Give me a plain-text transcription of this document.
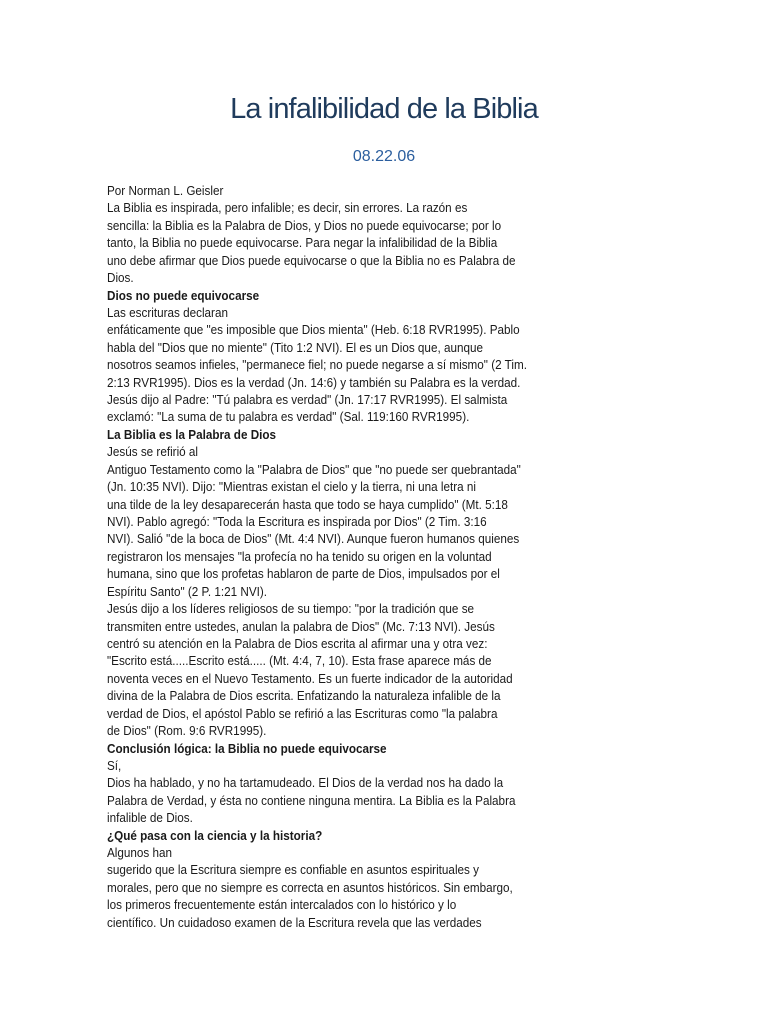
La infalibilidad de la Biblia
08.22.06
Por Norman L. Geisler
La Biblia es inspirada, pero infalible; es decir, sin errores. La razón es
sencilla: la Biblia es la Palabra de Dios, y Dios no puede equivocarse; por lo
tanto, la Biblia no puede equivocarse. Para negar la infalibilidad de la Biblia
uno debe afirmar que Dios puede equivocarse o que la Biblia no es Palabra de
Dios.
Dios no puede equivocarse
Las escrituras declaran
enfáticamente que "es imposible que Dios mienta" (Heb. 6:18 RVR1995). Pablo
habla del "Dios que no miente" (Tito 1:2 NVI). El es un Dios que, aunque
nosotros seamos infieles, "permanece fiel; no puede negarse a sí mismo" (2 Tim.
2:13 RVR1995). Dios es la verdad (Jn. 14:6) y también su Palabra es la verdad.
Jesús dijo al Padre: "Tú palabra es verdad" (Jn. 17:17 RVR1995). El salmista
exclamó: "La suma de tu palabra es verdad" (Sal. 119:160 RVR1995).
La Biblia es la Palabra de Dios
Jesús se refirió al
Antiguo Testamento como la "Palabra de Dios" que "no puede ser quebrantada"
(Jn. 10:35 NVI). Dijo: "Mientras existan el cielo y la tierra, ni una letra ni
una tilde de la ley desaparecerán hasta que todo se haya cumplido" (Mt. 5:18
NVI). Pablo agregó: "Toda la Escritura es inspirada por Dios" (2 Tim. 3:16
NVI). Salió "de la boca de Dios" (Mt. 4:4 NVI). Aunque fueron humanos quienes
registraron los mensajes "la profecía no ha tenido su origen en la voluntad
humana, sino que los profetas hablaron de parte de Dios, impulsados por el
Espíritu Santo" (2 P. 1:21 NVI).
Jesús dijo a los líderes religiosos de su tiempo: "por la tradición que se
transmiten entre ustedes, anulan la palabra de Dios" (Mc. 7:13 NVI). Jesús
centró su atención en la Palabra de Dios escrita al afirmar una y otra vez:
"Escrito está.....Escrito está..... (Mt. 4:4, 7, 10). Esta frase aparece más de
noventa veces en el Nuevo Testamento. Es un fuerte indicador de la autoridad
divina de la Palabra de Dios escrita. Enfatizando la naturaleza infalible de la
verdad de Dios, el apóstol Pablo se refirió a las Escrituras como "la palabra
de Dios" (Rom. 9:6 RVR1995).
Conclusión lógica: la Biblia no puede equivocarse
Sí,
Dios ha hablado, y no ha tartamudeado. El Dios de la verdad nos ha dado la
Palabra de Verdad, y ésta no contiene ninguna mentira. La Biblia es la Palabra
infalible de Dios.
¿Qué pasa con la ciencia y la historia?
Algunos han
sugerido que la Escritura siempre es confiable en asuntos espirituales y
morales, pero que no siempre es correcta en asuntos históricos. Sin embargo,
los primeros frecuentemente están intercalados con lo histórico y lo
científico. Un cuidadoso examen de la Escritura revela que las verdades
